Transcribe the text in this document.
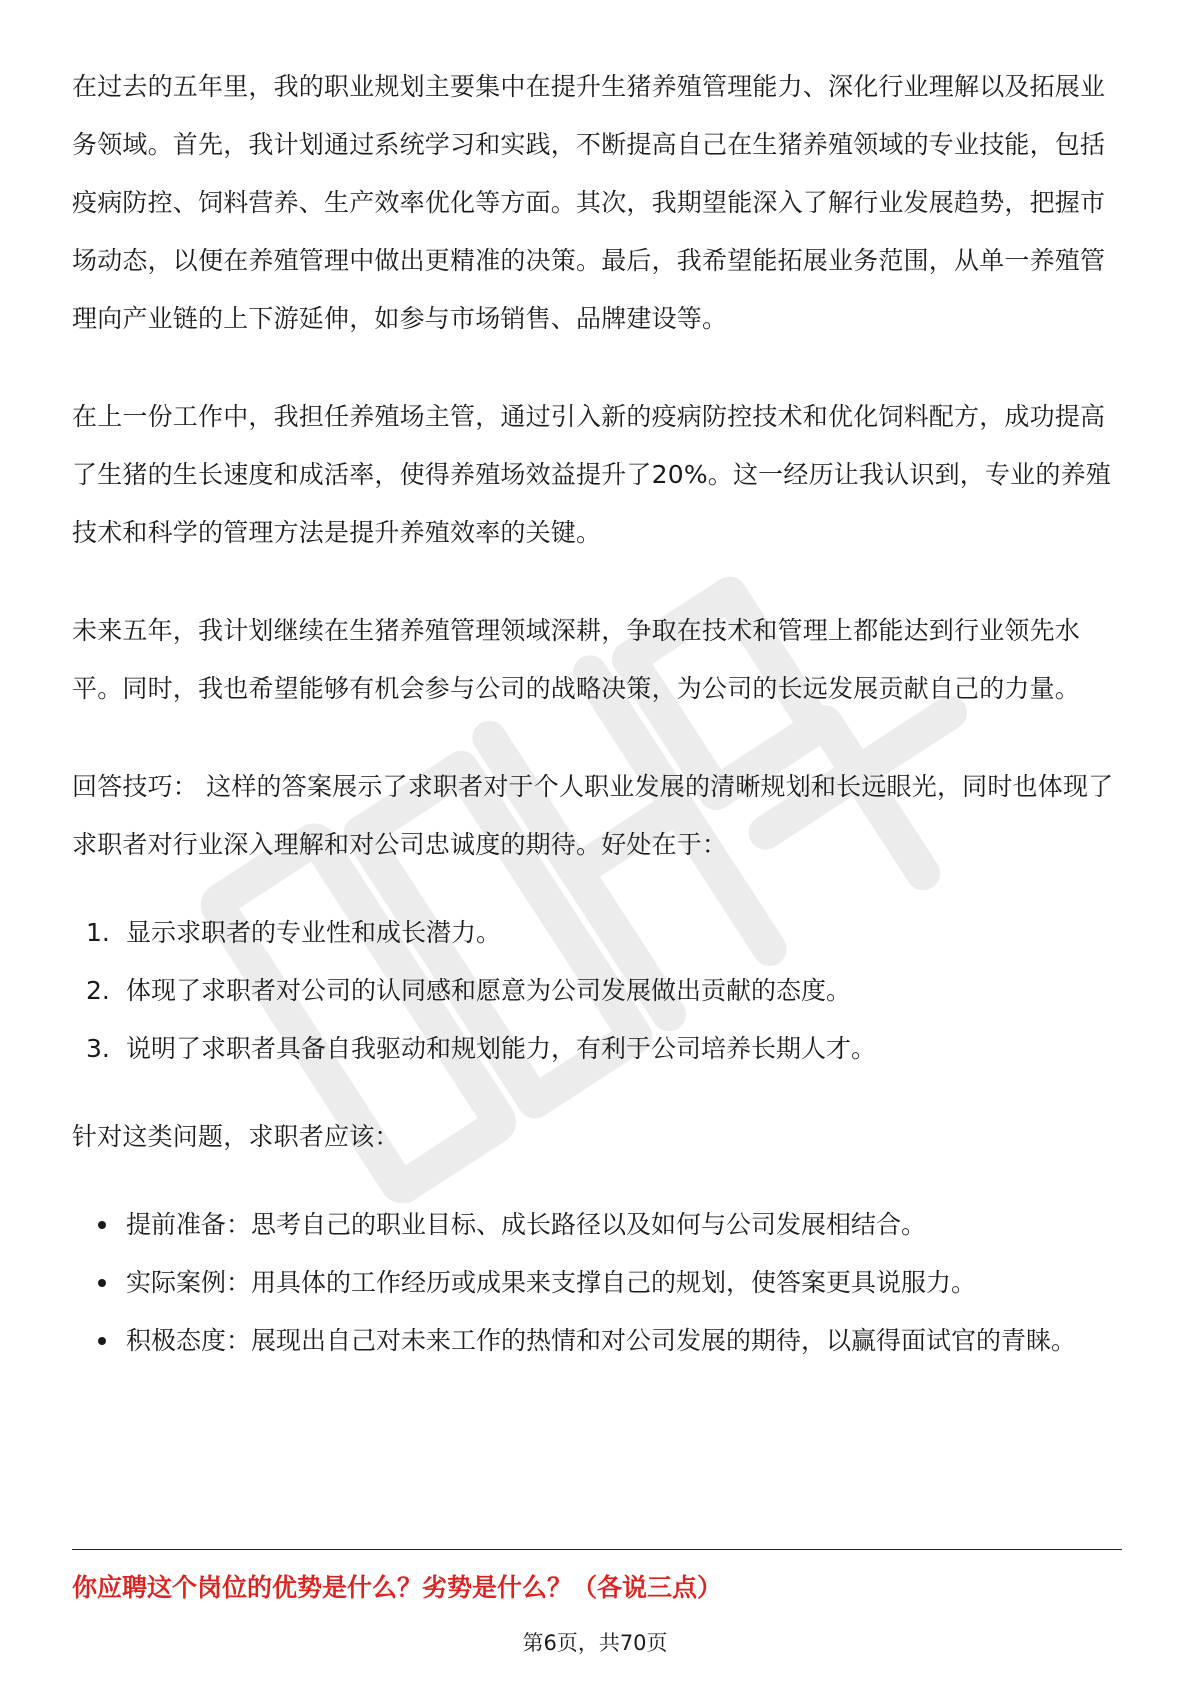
在过去的五年里，我的职业规划主要集中在提升生猪养殖管理能力、深化行业理解以及拓展业务领域。首先，我计划通过系统学习和实践，不断提高自己在生猪养殖领域的专业技能，包括疫病防控、饲料营养、生产效率优化等方面。其次，我期望能深入了解行业发展趋势，把握市场动态，以便在养殖管理中做出更精准的决策。最后，我希望能拓展业务范围，从单一养殖管理向产业链的上下游延伸，如参与市场销售、品牌建设等。

在上一份工作中，我担任养殖场主管，通过引入新的疫病防控技术和优化饲料配方，成功提高了生猪的生长速度和成活率，使得养殖场效益提升了20%。这一经历让我认识到，专业的养殖技术和科学的管理方法是提升养殖效率的关键。

未来五年，我计划继续在生猪养殖管理领域深耕，争取在技术和管理上都能达到行业领先水平。同时，我也希望能够有机会参与公司的战略决策，为公司的长远发展贡献自己的力量。

回答技巧： 这样的答案展示了求职者对于个人职业发展的清晰规划和长远眼光，同时也体现了求职者对行业深入理解和对公司忠诚度的期待。好处在于：

1. 显示求职者的专业性和成长潜力。
2. 体现了求职者对公司的认同感和愿意为公司发展做出贡献的态度。
3. 说明了求职者具备自我驱动和规划能力，有利于公司培养长期人才。

针对这类问题，求职者应该：

提前准备：思考自己的职业目标、成长路径以及如何与公司发展相结合。
实际案例：用具体的工作经历或成果来支撑自己的规划，使答案更具说服力。
积极态度：展现出自己对未来工作的热情和对公司发展的期待，以赢得面试官的青睐。
你应聘这个岗位的优势是什么？劣势是什么？（各说三点）
第6页，共70页
